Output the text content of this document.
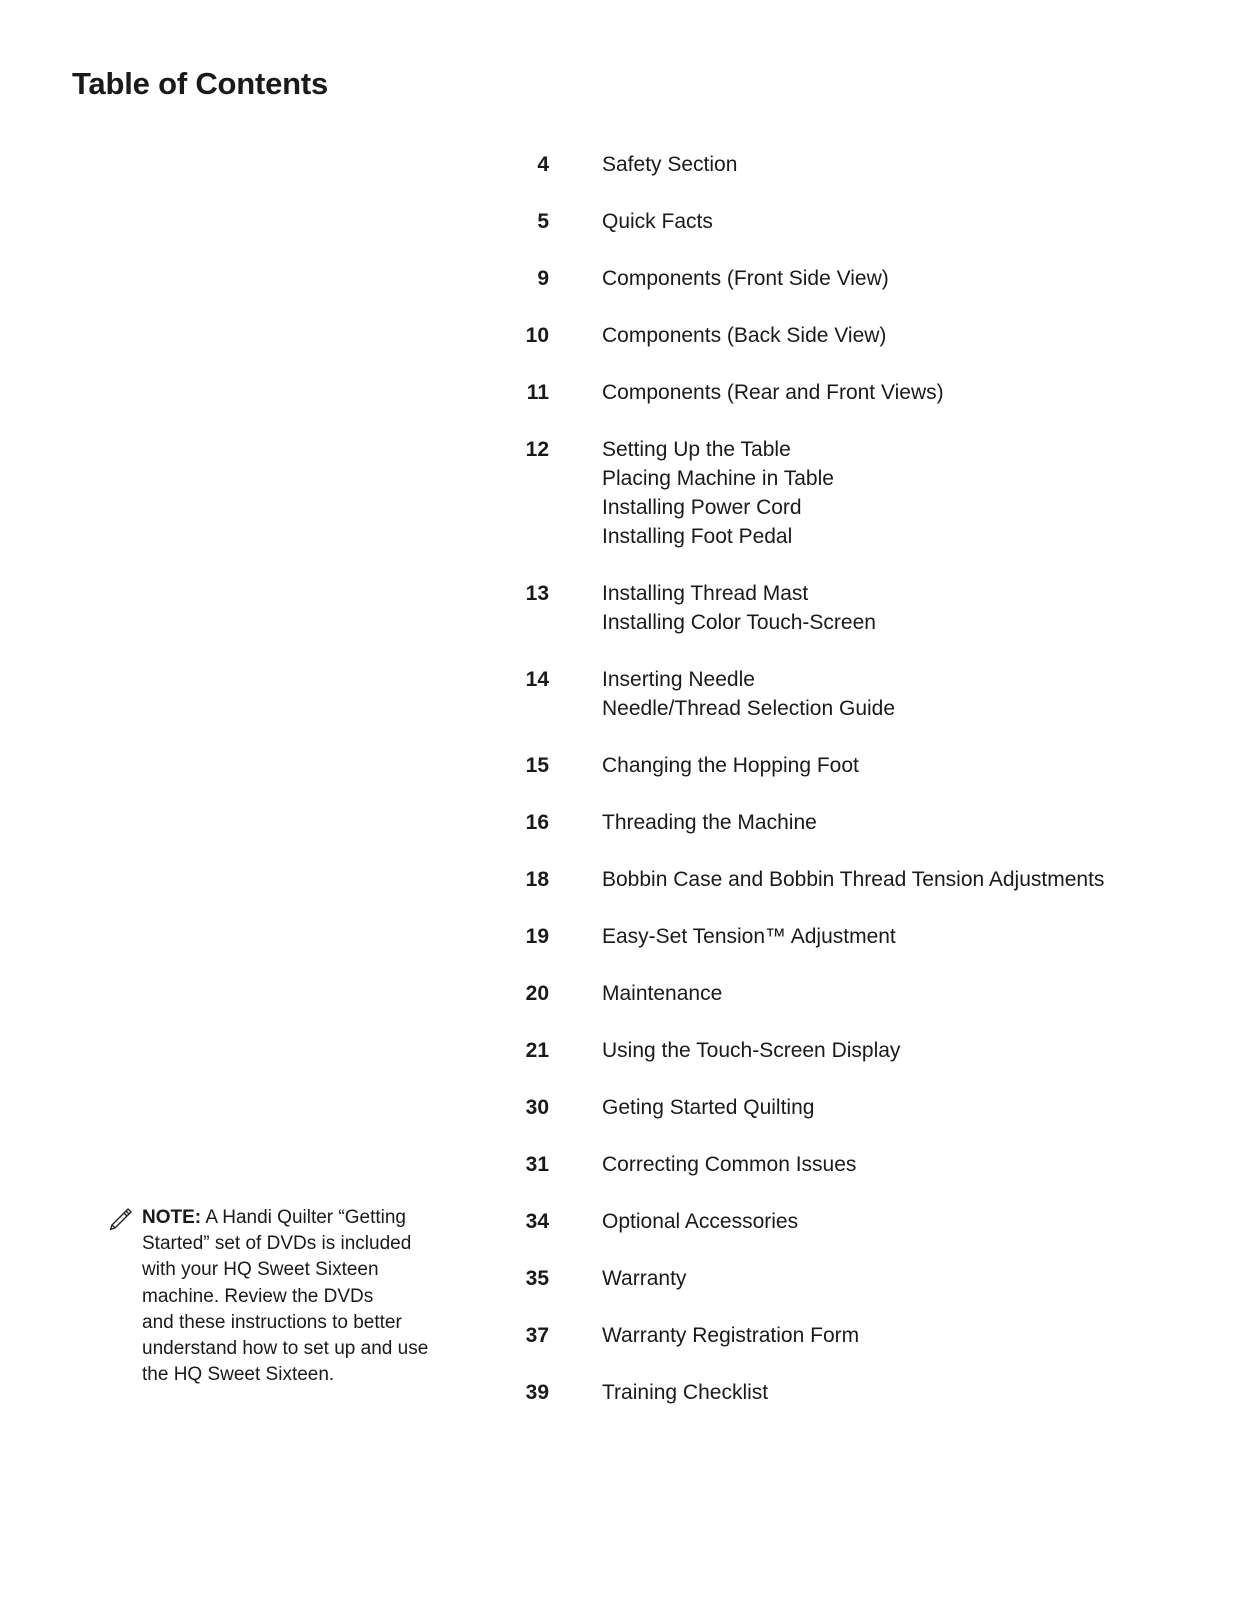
Table of Contents
4	Safety Section
5	Quick Facts
9	Components (Front Side View)
10	Components (Back Side View)
11	Components (Rear and Front Views)
12	Setting Up the Table
Placing Machine in Table
Installing Power Cord
Installing Foot Pedal
13	Installing Thread Mast
Installing Color Touch-Screen
14	Inserting Needle
Needle/Thread Selection Guide
15	Changing the Hopping Foot
16	Threading the Machine
18	Bobbin Case and Bobbin Thread Tension Adjustments
19	Easy-Set Tension™ Adjustment
20	Maintenance
21	Using the Touch-Screen Display
30	Geting Started Quilting
31	Correcting Common Issues
34	Optional Accessories
35	Warranty
37	Warranty Registration Form
39	Training Checklist
NOTE: A Handi Quilter “Getting
Started” set of DVDs is included
with your HQ Sweet Sixteen
machine. Review the DVDs
and these instructions to better
understand how to set up and use
the HQ Sweet Sixteen.
